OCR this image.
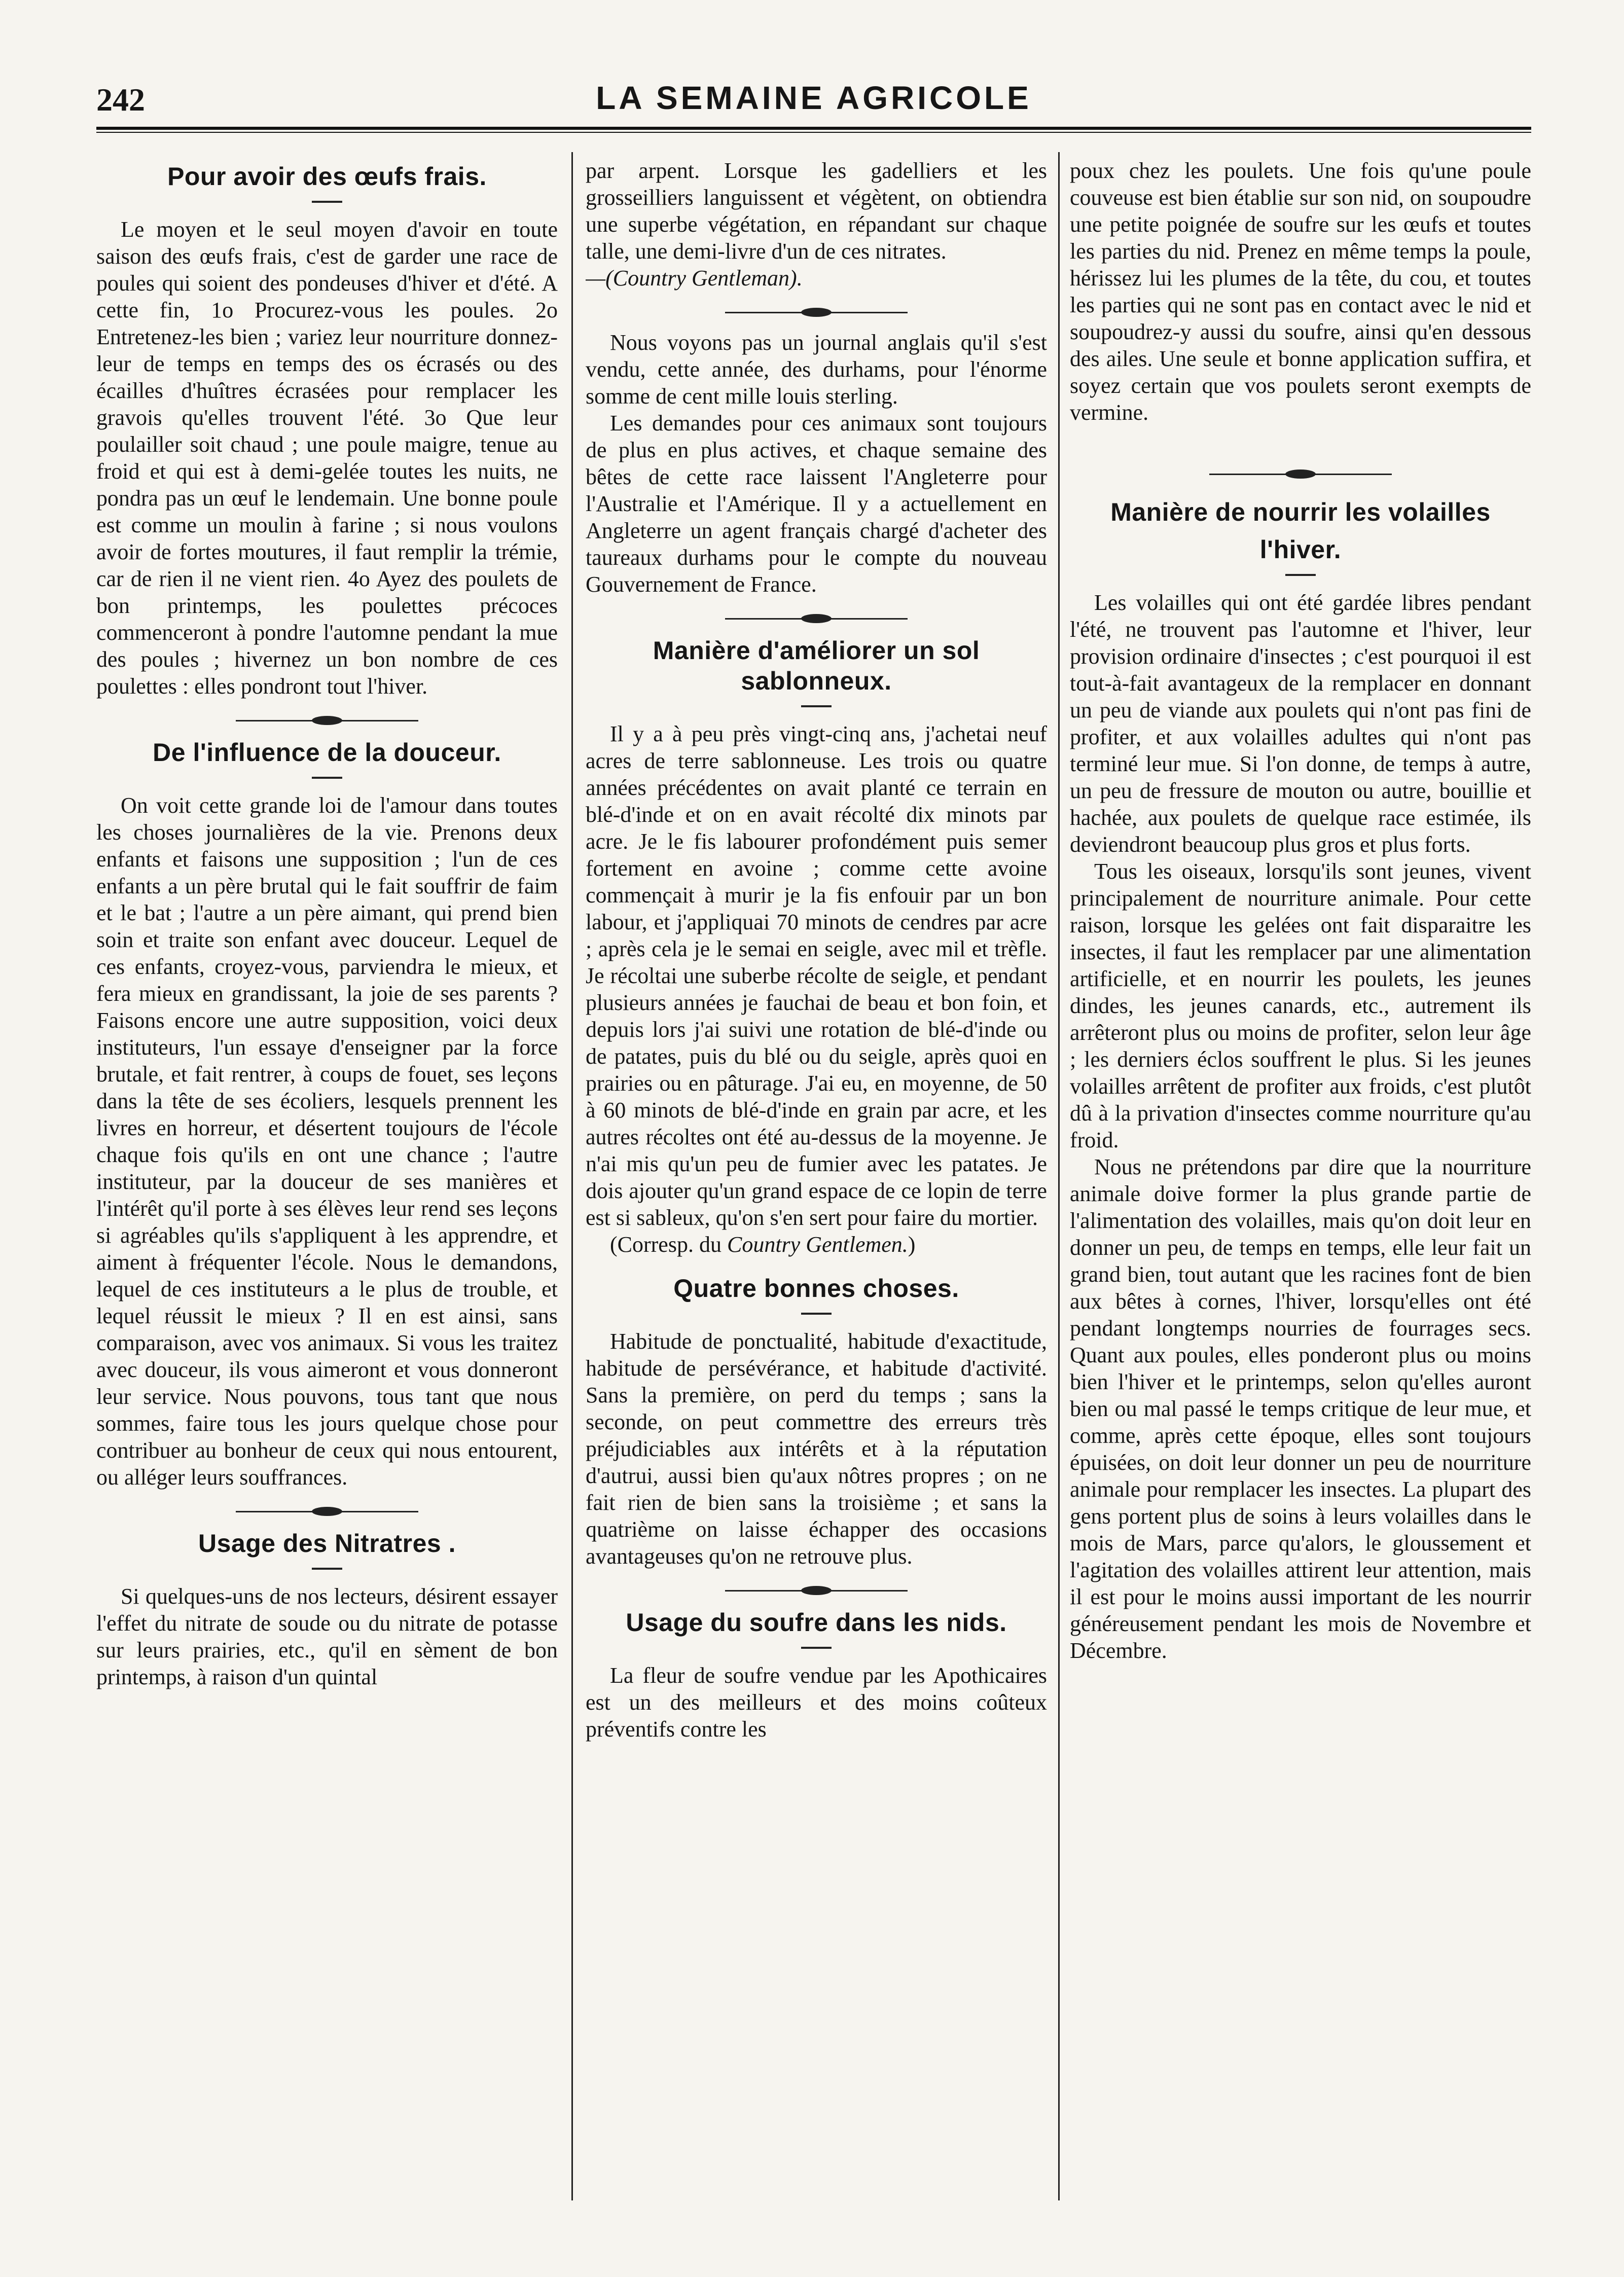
242	LA SEMAINE AGRICOLE
Pour avoir des œufs frais.

Le moyen et le seul moyen d'avoir en toute saison des œufs frais, c'est de garder une race de poules qui soient des pondeuses d'hiver et d'été. A cette fin, 1o Procurez-vous les poules. 2o Entretenez-les bien ; variez leur nourriture donnez-leur de temps en temps des os écrasés ou des écailles d'huîtres écrasées pour remplacer les gravois qu'elles trouvent l'été. 3o Que leur poulailler soit chaud ; une poule maigre, tenue au froid et qui est à demi-gelée toutes les nuits, ne pondra pas un œuf le lendemain. Une bonne poule est comme un moulin à farine ; si nous voulons avoir de fortes moutures, il faut remplir la trémie, car de rien il ne vient rien. 4o Ayez des poulets de bon printemps, les poulettes précoces commenceront à pondre l'automne pendant la mue des poules ; hivernez un bon nombre de ces poulettes : elles pondront tout l'hiver.

De l'influence de la douceur.

On voit cette grande loi de l'amour dans toutes les choses journalières de la vie. Prenons deux enfants et faisons une supposition ; l'un de ces enfants a un père brutal qui le fait souffrir de faim et le bat ; l'autre a un père aimant, qui prend bien soin et traite son enfant avec douceur. Lequel de ces enfants, croyez-vous, parviendra le mieux, et fera mieux en grandissant, la joie de ses parents ? Faisons encore une autre supposition, voici deux instituteurs, l'un essaye d'enseigner par la force brutale, et fait rentrer, à coups de fouet, ses leçons dans la tête de ses écoliers, lesquels prennent les livres en horreur, et désertent toujours de l'école chaque fois qu'ils en ont une chance ; l'autre instituteur, par la douceur de ses manières et l'intérêt qu'il porte à ses élèves leur rend ses leçons si agréables qu'ils s'appliquent à les apprendre, et aiment à fréquenter l'école. Nous le demandons, lequel de ces instituteurs a le plus de trouble, et lequel réussit le mieux ? Il en est ainsi, sans comparaison, avec vos animaux. Si vous les traitez avec douceur, ils vous aimeront et vous donneront leur service. Nous pouvons, tous tant que nous sommes, faire tous les jours quelque chose pour contribuer au bonheur de ceux qui nous entourent, ou alléger leurs souffrances.

Usage des Nitratres .

Si quelques-uns de nos lecteurs, désirent essayer l'effet du nitrate de soude ou du nitrate de potasse sur leurs prairies, etc., qu'il en sèment de bon printemps, à raison d'un quintal

par arpent. Lorsque les gadelliers et les grosseilliers languissent et végètent, on obtiendra une superbe végétation, en répandant sur chaque talle, une demi-livre d'un de ces nitrates.

—(Country Gentleman).

Nous voyons pas un journal anglais qu'il s'est vendu, cette année, des durhams, pour l'énorme somme de cent mille louis sterling.

Les demandes pour ces animaux sont toujours de plus en plus actives, et chaque semaine des bêtes de cette race laissent l'Angleterre pour l'Australie et l'Amérique. Il y a actuellement en Angleterre un agent français chargé d'acheter des taureaux durhams pour le compte du nouveau Gouvernement de France.

Manière d'améliorer un sol sablonneux.

Il y a à peu près vingt-cinq ans, j'achetai neuf acres de terre sablonneuse. Les trois ou quatre années précédentes on avait planté ce terrain en blé-d'inde et on en avait récolté dix minots par acre. Je le fis labourer profondément puis semer fortement en avoine ; comme cette avoine commençait à murir je la fis enfouir par un bon labour, et j'appliquai 70 minots de cendres par acre ; après cela je le semai en seigle, avec mil et trèfle. Je récoltai une suberbe récolte de seigle, et pendant plusieurs années je fauchai de beau et bon foin, et depuis lors j'ai suivi une rotation de blé-d'inde ou de patates, puis du blé ou du seigle, après quoi en prairies ou en pâturage. J'ai eu, en moyenne, de 50 à 60 minots de blé-d'inde en grain par acre, et les autres récoltes ont été au-dessus de la moyenne. Je n'ai mis qu'un peu de fumier avec les patates. Je dois ajouter qu'un grand espace de ce lopin de terre est si sableux, qu'on s'en sert pour faire du mortier.

(Corresp. du Country Gentlemen.)

Quatre bonnes choses.

Habitude de ponctualité, habitude d'exactitude, habitude de persévérance, et habitude d'activité. Sans la première, on perd du temps ; sans la seconde, on peut commettre des erreurs très préjudiciables aux intérêts et à la réputation d'autrui, aussi bien qu'aux nôtres propres ; on ne fait rien de bien sans la troisième ; et sans la quatrième on laisse échapper des occasions avantageuses qu'on ne retrouve plus.

Usage du soufre dans les nids.

La fleur de soufre vendue par les Apothicaires est un des meilleurs et des moins coûteux préventifs contre les

poux chez les poulets. Une fois qu'une poule couveuse est bien établie sur son nid, on soupoudre une petite poignée de soufre sur les œufs et toutes les parties du nid. Prenez en même temps la poule, hérissez lui les plumes de la tête, du cou, et toutes les parties qui ne sont pas en contact avec le nid et soupoudrez-y aussi du soufre, ainsi qu'en dessous des ailes. Une seule et bonne application suffira, et soyez certain que vos poulets seront exempts de vermine.

Manière de nourrir les volailles
l'hiver.

Les volailles qui ont été gardée libres pendant l'été, ne trouvent pas l'automne et l'hiver, leur provision ordinaire d'insectes ; c'est pourquoi il est tout-à-fait avantageux de la remplacer en donnant un peu de viande aux poulets qui n'ont pas fini de profiter, et aux volailles adultes qui n'ont pas terminé leur mue. Si l'on donne, de temps à autre, un peu de fressure de mouton ou autre, bouillie et hachée, aux poulets de quelque race estimée, ils deviendront beaucoup plus gros et plus forts.

Tous les oiseaux, lorsqu'ils sont jeunes, vivent principalement de nourriture animale. Pour cette raison, lorsque les gelées ont fait disparaitre les insectes, il faut les remplacer par une alimentation artificielle, et en nourrir les poulets, les jeunes dindes, les jeunes canards, etc., autrement ils arrêteront plus ou moins de profiter, selon leur âge ; les derniers éclos souffrent le plus. Si les jeunes volailles arrêtent de profiter aux froids, c'est plutôt dû à la privation d'insectes comme nourriture qu'au froid.

Nous ne prétendons par dire que la nourriture animale doive former la plus grande partie de l'alimentation des volailles, mais qu'on doit leur en donner un peu, de temps en temps, elle leur fait un grand bien, tout autant que les racines font de bien aux bêtes à cornes, l'hiver, lorsqu'elles ont été pendant longtemps nourries de fourrages secs. Quant aux poules, elles ponderont plus ou moins bien l'hiver et le printemps, selon qu'elles auront bien ou mal passé le temps critique de leur mue, et comme, après cette époque, elles sont toujours épuisées, on doit leur donner un peu de nourriture animale pour remplacer les insectes. La plupart des gens portent plus de soins à leurs volailles dans le mois de Mars, parce qu'alors, le gloussement et l'agitation des volailles attirent leur attention, mais il est pour le moins aussi important de les nourrir généreusement pendant les mois de Novembre et Décembre.
